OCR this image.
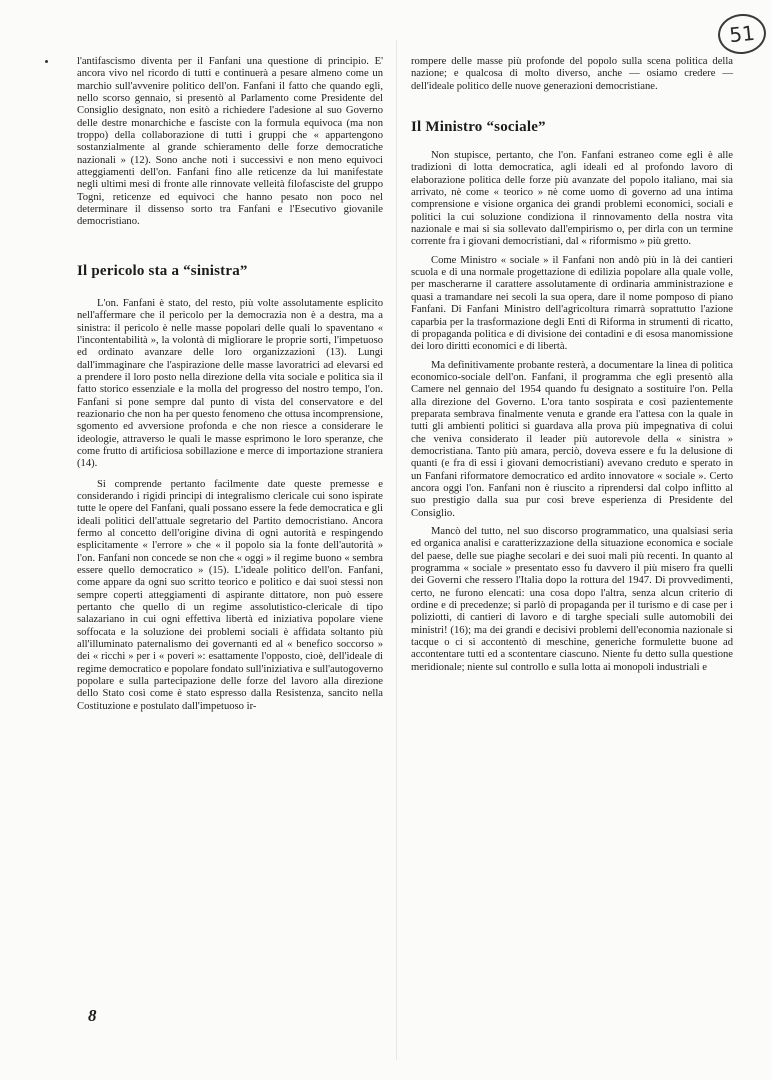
51

l'antifascismo diventa per il Fanfani una questione di principio. E' ancora vivo nel ricordo di tutti e continuerà a pesare almeno come un marchio sull'avvenire politico dell'on. Fanfani il fatto che quando egli, nello scorso gennaio, si presentò al Parlamento come Presidente del Consiglio designato, non esitò a richiedere l'adesione al suo Governo delle destre monarchiche e fasciste con la formula equivoca (ma non troppo) della collaborazione di tutti i gruppi che « appartengono sostanzialmente al grande schieramento delle forze democratiche nazionali » (12). Sono anche noti i successivi e non meno equivoci atteggiamenti dell'on. Fanfani fino alle reticenze da lui manifestate negli ultimi mesi di fronte alle rinnovate velleità filofasciste del gruppo Togni, reticenze ed equivoci che hanno pesato non poco nel determinare il dissenso sorto tra Fanfani e l'Esecutivo giovanile democristiano.

Il pericolo sta a “sinistra”

L'on. Fanfani è stato, del resto, più volte assolutamente esplicito nell'affermare che il pericolo per la democrazia non è a destra, ma a sinistra: il pericolo è nelle masse popolari delle quali lo spaventano « l'incontentabilità », la volontà di migliorare le proprie sorti, l'impetuoso ed ordinato avanzare delle loro organizzazioni (13). Lungi dall'immaginare che l'aspirazione delle masse lavoratrici ad elevarsi ed a prendere il loro posto nella direzione della vita sociale e politica sia il fatto storico essenziale e la molla del progresso del nostro tempo, l'on. Fanfani si pone sempre dal punto di vista del conservatore e del reazionario che non ha per questo fenomeno che ottusa incomprensione, sgomento ed avversione profonda e che non riesce a considerare le ideologie, attraverso le quali le masse esprimono le loro speranze, che come frutto di artificiosa sobillazione e merce di importazione straniera (14).

Si comprende pertanto facilmente date queste premesse e considerando i rigidi principi di integralismo clericale cui sono ispirate tutte le opere del Fanfani, quali possano essere la fede democratica e gli ideali politici dell'attuale segretario del Partito democristiano. Ancora fermo al concetto dell'origine divina di ogni autorità e respingendo esplicitamente « l'errore » che « il popolo sia la fonte dell'autorità » l'on. Fanfani non concede se non che « oggi » il regime buono « sembra essere quello democratico » (15). L'ideale politico dell'on. Fanfani, come appare da ogni suo scritto teorico e politico e dai suoi stessi non sempre coperti atteggiamenti di aspirante dittatore, non può essere pertanto che quello di un regime assolutistico-clericale di tipo salazariano in cui ogni effettiva libertà ed iniziativa popolare viene soffocata e la soluzione dei problemi sociali è affidata soltanto più all'illuminato paternalismo dei governanti ed al « benefico soccorso » dei « ricchi » per i « poveri »: esattamente l'opposto, cioè, dell'ideale di regime democratico e popolare fondato sull'iniziativa e sull'autogoverno popolare e sulla partecipazione delle forze del lavoro alla direzione dello Stato così come è stato espresso dalla Resistenza, sancito nella Costituzione e postulato dall'impetuoso ir-

rompere delle masse più profonde del popolo sulla scena politica della nazione; e qualcosa di molto diverso, anche — osiamo credere — dell'ideale politico delle nuove generazioni democristiane.

Il Ministro “sociale”

Non stupisce, pertanto, che l'on. Fanfani estraneo come egli è alle tradizioni di lotta democratica, agli ideali ed al profondo lavoro di elaborazione politica delle forze più avanzate del popolo italiano, mai sia arrivato, nè come « teorico » nè come uomo di governo ad una intima comprensione e visione organica dei grandi problemi economici, sociali e politici la cui soluzione condiziona il rinnovamento della nostra vita nazionale e mai si sia sollevato dall'empirismo o, per dirla con un termine corrente fra i giovani democristiani, dal « riformismo » più gretto.

Come Ministro « sociale » il Fanfani non andò più in là dei cantieri scuola e di una normale progettazione di edilizia popolare alla quale volle, per mascherarne il carattere assolutamente di ordinaria amministrazione e quasi a tramandare nei secoli la sua opera, dare il nome pomposo di piano Fanfani. Di Fanfani Ministro dell'agricoltura rimarrà soprattutto l'azione caparbia per la trasformazione degli Enti di Riforma in strumenti di ricatto, di propaganda politica e di divisione dei contadini e di esosa manomissione dei loro diritti economici e di libertà.

Ma definitivamente probante resterà, a documentare la linea di politica economico-sociale dell'on. Fanfani, il programma che egli presentò alla Camere nel gennaio del 1954 quando fu designato a sostituire l'on. Pella alla direzione del Governo. L'ora tanto sospirata e così pazientemente preparata sembrava finalmente venuta e grande era l'attesa con la quale in tutti gli ambienti politici si guardava alla prova più impegnativa di colui che veniva considerato il leader più autorevole della « sinistra » democristiana. Tanto più amara, perciò, doveva essere e fu la delusione di quanti (e fra di essi i giovani democristiani) avevano creduto e sperato in un Fanfani riformatore democratico ed ardito innovatore « sociale ». Certo ancora oggi l'on. Fanfani non è riuscito a riprendersi dal colpo inflitto al suo prestigio dalla sua pur così breve esperienza di Presidente del Consiglio.

Mancò del tutto, nel suo discorso programmatico, una qualsiasi seria ed organica analisi e caratterizzazione della situazione economica e sociale del paese, delle sue piaghe secolari e dei suoi mali più recenti. In quanto al programma « sociale » presentato esso fu davvero il più misero fra quelli dei Governi che ressero l'Italia dopo la rottura del 1947. Di provvedimenti, certo, ne furono elencati: una cosa dopo l'altra, senza alcun criterio di ordine e di precedenze; si parlò di propaganda per il turismo e di case per i poliziotti, di cantieri di lavoro e di targhe speciali sulle automobili dei ministri! (16); ma dei grandi e decisivi problemi dell'economia nazionale si tacque o ci si accontentò di meschine, generiche formulette buone ad accontentare tutti ed a scontentare ciascuno. Niente fu detto sulla questione meridionale; niente sul controllo e sulla lotta ai monopoli industriali e

8
